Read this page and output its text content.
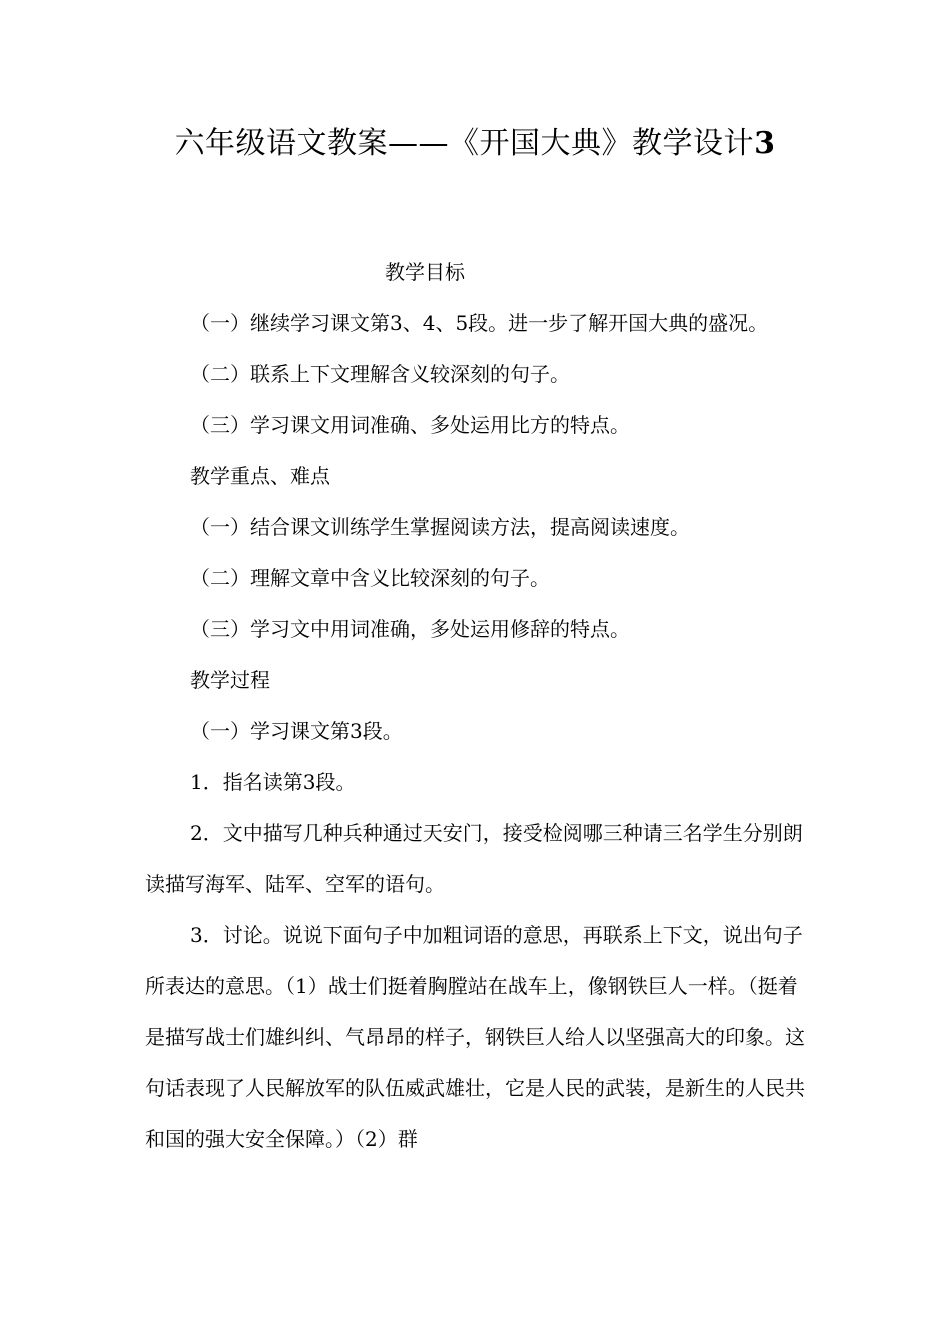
六年级语文教案——《开国大典》教学设计3

教学目标

（一）继续学习课文第3、4、5段。进一步了解开国大典的盛况。

（二）联系上下文理解含义较深刻的句子。

（三）学习课文用词准确、多处运用比方的特点。

教学重点、难点

（一）结合课文训练学生掌握阅读方法，提高阅读速度。

（二）理解文章中含义比较深刻的句子。

（三）学习文中用词准确，多处运用修辞的特点。

教学过程

（一）学习课文第3段。

1．指名读第3段。

2．文中描写几种兵种通过天安门，接受检阅哪三种请三名学生分别朗读描写海军、陆军、空军的语句。

3．讨论。说说下面句子中加粗词语的意思，再联系上下文，说出句子所表达的意思。（1）战士们挺着胸膛站在战车上，像钢铁巨人一样。（挺着是描写战士们雄纠纠、气昂昂的样子，钢铁巨人给人以坚强高大的印象。这句话表现了人民解放军的队伍威武雄壮，它是人民的武装，是新生的人民共和国的强大安全保障。）（2）群
